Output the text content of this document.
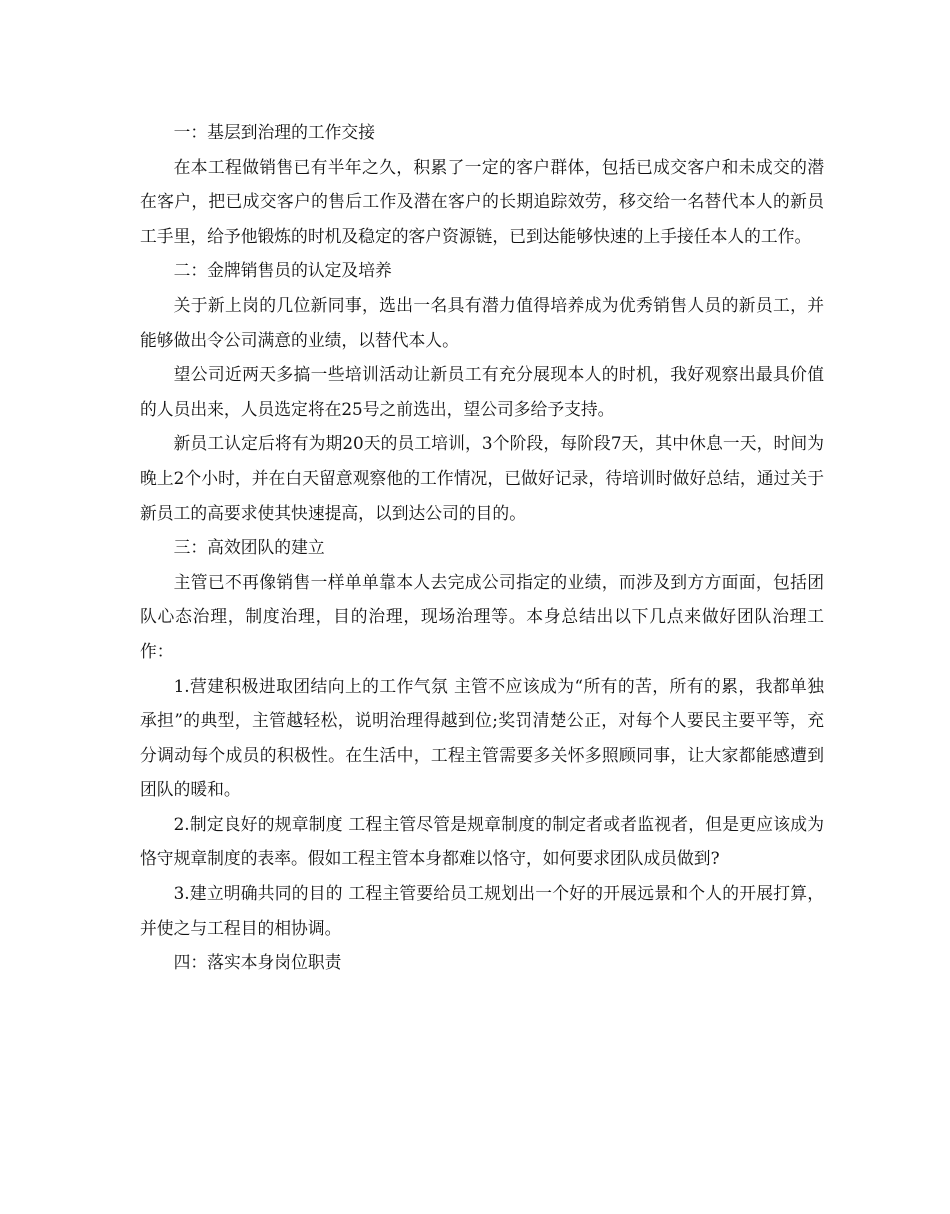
一：基层到治理的工作交接

在本工程做销售已有半年之久，积累了一定的客户群体，包括已成交客户和未成交的潜在客户，把已成交客户的售后工作及潜在客户的长期追踪效劳，移交给一名替代本人的新员工手里，给予他锻炼的时机及稳定的客户资源链，已到达能够快速的上手接任本人的工作。

二：金牌销售员的认定及培养

关于新上岗的几位新同事，选出一名具有潜力值得培养成为优秀销售人员的新员工，并能够做出令公司满意的业绩，以替代本人。

望公司近两天多搞一些培训活动让新员工有充分展现本人的时机，我好观察出最具价值的人员出来，人员选定将在25号之前选出，望公司多给予支持。

新员工认定后将有为期20天的员工培训，3个阶段，每阶段7天，其中休息一天，时间为晚上2个小时，并在白天留意观察他的工作情况，已做好记录，待培训时做好总结，通过关于新员工的高要求使其快速提高，以到达公司的目的。

三：高效团队的建立

主管已不再像销售一样单单靠本人去完成公司指定的业绩，而涉及到方方面面，包括团队心态治理，制度治理，目的治理，现场治理等。本身总结出以下几点来做好团队治理工作：

1.营建积极进取团结向上的工作气氛 主管不应该成为“所有的苦，所有的累，我都单独承担”的典型，主管越轻松，说明治理得越到位;奖罚清楚公正，对每个人要民主要平等，充分调动每个成员的积极性。在生活中，工程主管需要多关怀多照顾同事，让大家都能感遭到团队的暖和。

2.制定良好的规章制度 工程主管尽管是规章制度的制定者或者监视者，但是更应该成为恪守规章制度的表率。假如工程主管本身都难以恪守，如何要求团队成员做到?

3.建立明确共同的目的 工程主管要给员工规划出一个好的开展远景和个人的开展打算，并使之与工程目的相协调。

四：落实本身岗位职责
